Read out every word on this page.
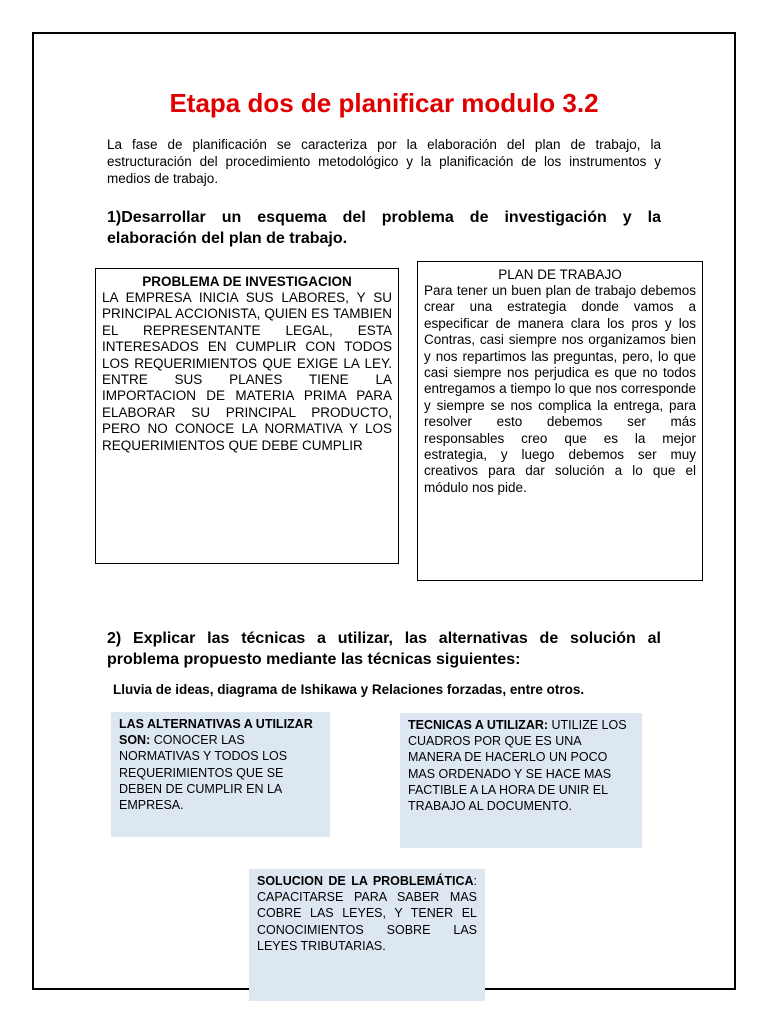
Etapa dos de planificar modulo 3.2
La fase de planificación se caracteriza por la elaboración del plan de trabajo, la estructuración del procedimiento metodológico y la planificación de los instrumentos y medios de trabajo.
1)Desarrollar un esquema del problema de investigación y la elaboración del plan de trabajo.
PROBLEMA DE INVESTIGACION

LA EMPRESA INICIA SUS LABORES, Y SU PRINCIPAL ACCIONISTA, QUIEN ES TAMBIEN EL REPRESENTANTE LEGAL, ESTA INTERESADOS EN CUMPLIR CON TODOS LOS REQUERIMIENTOS QUE EXIGE LA LEY. ENTRE SUS PLANES TIENE LA IMPORTACION DE MATERIA PRIMA PARA ELABORAR SU PRINCIPAL PRODUCTO, PERO NO CONOCE LA NORMATIVA Y LOS REQUERIMIENTOS QUE DEBE CUMPLIR

PLAN DE TRABAJO

Para tener un buen plan de trabajo debemos crear una estrategia donde vamos a especificar de manera clara los pros y los Contras, casi siempre nos organizamos bien y nos repartimos las preguntas, pero, lo que casi siempre nos perjudica es que no todos entregamos a tiempo lo que nos corresponde y siempre se nos complica la entrega, para resolver esto debemos ser más responsables creo que es la mejor estrategia, y luego debemos ser muy creativos para dar solución a lo que el módulo nos pide.

2) Explicar las técnicas a utilizar, las alternativas de solución al problema propuesto mediante las técnicas siguientes:
Lluvia de ideas, diagrama de Ishikawa y Relaciones forzadas, entre otros.
LAS ALTERNATIVAS A UTILIZAR SON: CONOCER LAS NORMATIVAS Y TODOS LOS REQUERIMIENTOS QUE SE DEBEN DE CUMPLIR EN LA EMPRESA.
TECNICAS A UTILIZAR: UTILIZE LOS CUADROS POR QUE ES UNA MANERA DE HACERLO UN POCO MAS ORDENADO Y SE HACE MAS FACTIBLE A LA HORA DE UNIR EL TRABAJO AL DOCUMENTO.
SOLUCION DE LA PROBLEMÁTICA: CAPACITARSE PARA SABER MAS COBRE LAS LEYES, Y TENER EL CONOCIMIENTOS SOBRE LAS LEYES TRIBUTARIAS.
